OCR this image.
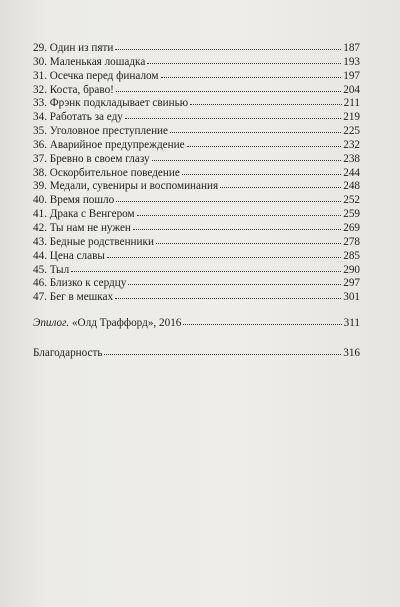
29. Один из пяти	187
30. Маленькая лошадка	193
31. Осечка перед финалом	197
32. Коста, браво!	204
33. Фрэнк подкладывает свинью	211
34. Работать за еду	219
35. Уголовное преступление	225
36. Аварийное предупреждение	232
37. Бревно в своем глазу	238
38. Оскорбительное поведение	244
39. Медали, сувениры и воспоминания	248
40. Время пошло	252
41. Драка с Венгером	259
42. Ты нам не нужен	269
43. Бедные родственники	278
44. Цена славы	285
45. Тыл	290
46. Близко к сердцу	297
47. Бег в мешках	301
Эпилог. «Олд Траффорд», 2016	311
Благодарность	316
